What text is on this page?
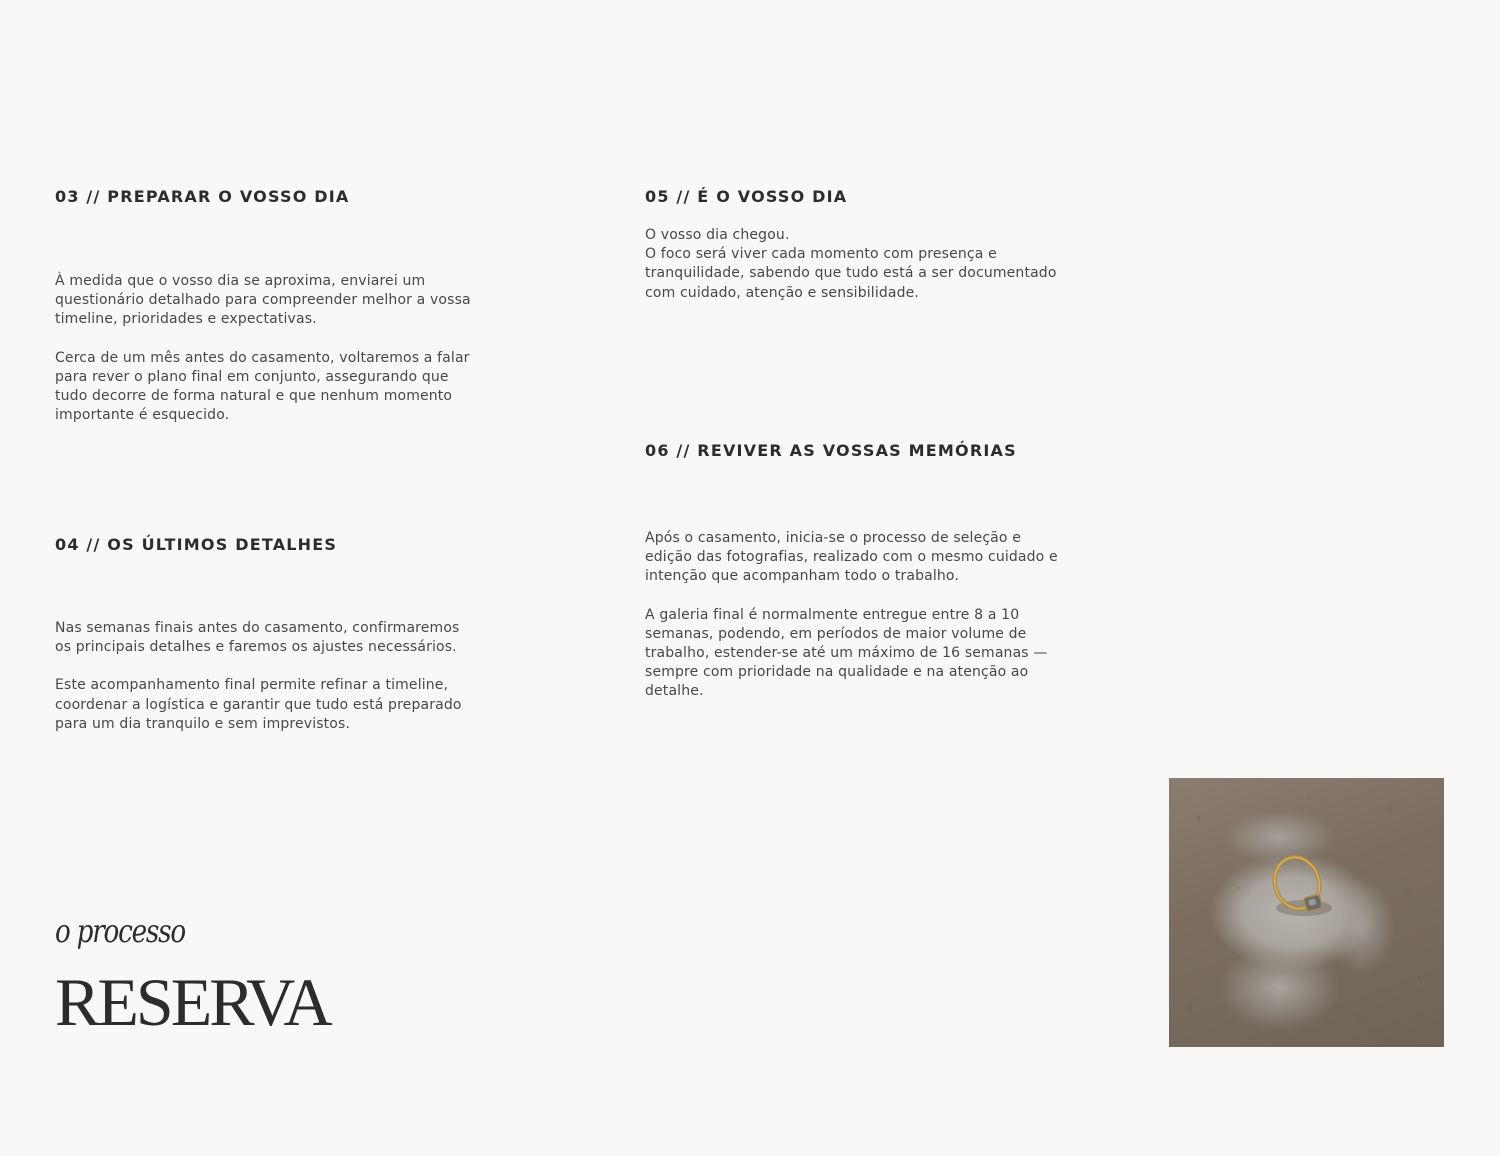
03 // PREPARAR O VOSSO DIA

À medida que o vosso dia se aproxima, enviarei um
questionário detalhado para compreender melhor a vossa
timeline, prioridades e expectativas.

Cerca de um mês antes do casamento, voltaremos a falar
para rever o plano final em conjunto, assegurando que
tudo decorre de forma natural e que nenhum momento
importante é esquecido.

04 // OS ÚLTIMOS DETALHES

Nas semanas finais antes do casamento, confirmaremos
os principais detalhes e faremos os ajustes necessários.

Este acompanhamento final permite refinar a timeline,
coordenar a logística e garantir que tudo está preparado
para um dia tranquilo e sem imprevistos.

05 // É O VOSSO DIA

O vosso dia chegou.
O foco será viver cada momento com presença e
tranquilidade, sabendo que tudo está a ser documentado
com cuidado, atenção e sensibilidade.

06 // REVIVER AS VOSSAS MEMÓRIAS

Após o casamento, inicia-se o processo de seleção e
edição das fotografias, realizado com o mesmo cuidado e
intenção que acompanham todo o trabalho.

A galeria final é normalmente entregue entre 8 a 10
semanas, podendo, em períodos de maior volume de
trabalho, estender-se até um máximo de 16 semanas —
sempre com prioridade na qualidade e na atenção ao
detalhe.

o processo
RESERVA
